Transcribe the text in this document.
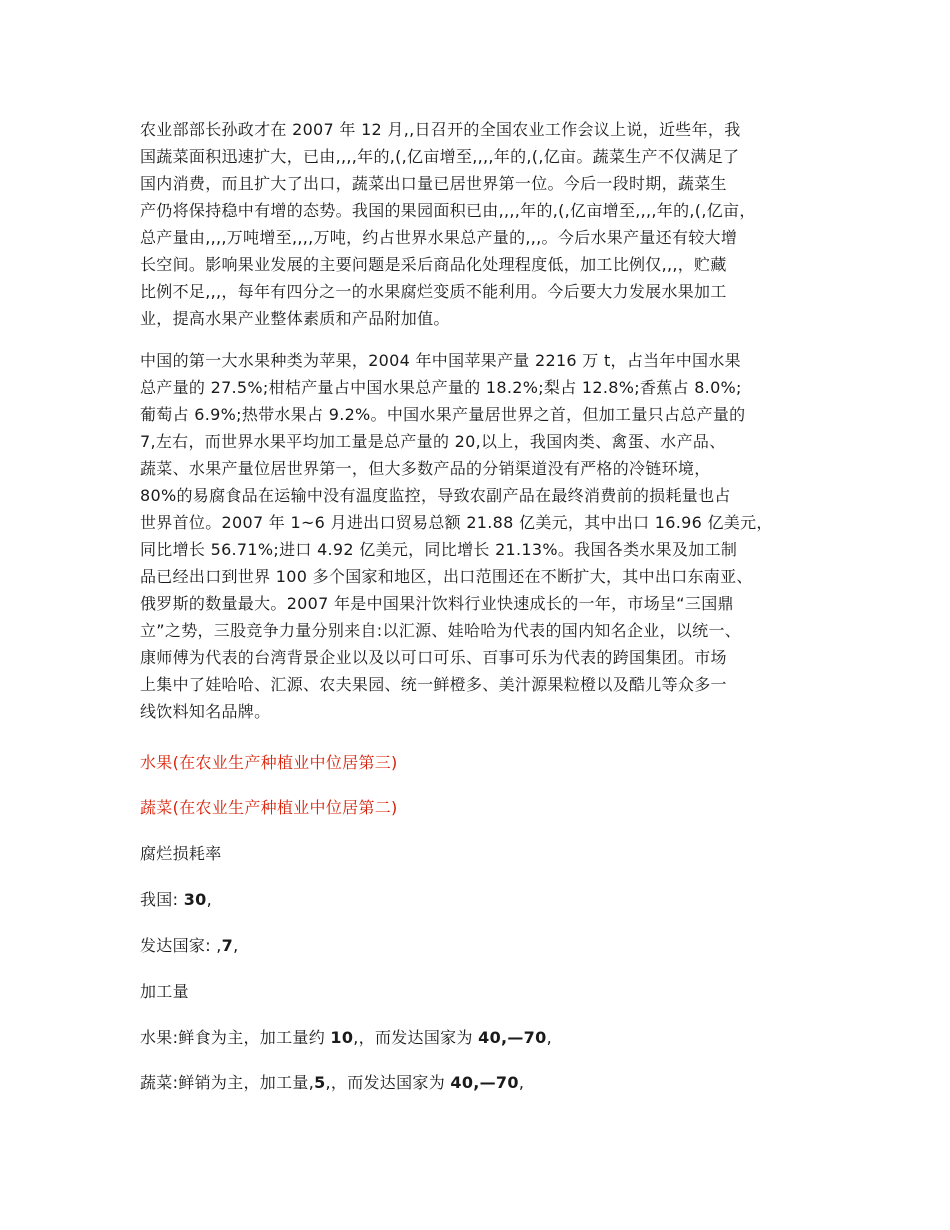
农业部部长孙政才在 2007 年 12 月,,日召开的全国农业工作会议上说，近些年，我
国蔬菜面积迅速扩大，已由,,,,年的,(,亿亩增至,,,,年的,(,亿亩。蔬菜生产不仅满足了
国内消费，而且扩大了出口，蔬菜出口量已居世界第一位。今后一段时期，蔬菜生
产仍将保持稳中有增的态势。我国的果园面积已由,,,,年的,(,亿亩增至,,,,年的,(,亿亩，
总产量由,,,,万吨增至,,,,万吨，约占世界水果总产量的,,,。今后水果产量还有较大增
长空间。影响果业发展的主要问题是采后商品化处理程度低，加工比例仅,,,，贮藏
比例不足,,,，每年有四分之一的水果腐烂变质不能利用。今后要大力发展水果加工
业，提高水果产业整体素质和产品附加值。
中国的第一大水果种类为苹果，2004 年中国苹果产量 2216 万 t，占当年中国水果
总产量的 27.5%;柑桔产量占中国水果总产量的 18.2%;梨占 12.8%;香蕉占 8.0%;
葡萄占 6.9%;热带水果占 9.2%。中国水果产量居世界之首，但加工量只占总产量的
7,左右，而世界水果平均加工量是总产量的 20,以上，我国肉类、禽蛋、水产品、
蔬菜、水果产量位居世界第一，但大多数产品的分销渠道没有严格的冷链环境，
80%的易腐食品在运输中没有温度监控，导致农副产品在最终消费前的损耗量也占
世界首位。2007 年 1~6 月进出口贸易总额 21.88 亿美元，其中出口 16.96 亿美元，
同比增长 56.71%;进口 4.92 亿美元，同比增长 21.13%。我国各类水果及加工制
品已经出口到世界 100 多个国家和地区，出口范围还在不断扩大，其中出口东南亚、
俄罗斯的数量最大。2007 年是中国果汁饮料行业快速成长的一年，市场呈“三国鼎
立”之势，三股竞争力量分别来自:以汇源、娃哈哈为代表的国内知名企业，以统一、
康师傅为代表的台湾背景企业以及以可口可乐、百事可乐为代表的跨国集团。市场
上集中了娃哈哈、汇源、农夫果园、统一鲜橙多、美汁源果粒橙以及酷儿等众多一
线饮料知名品牌。

水果(在农业生产种植业中位居第三)

蔬菜(在农业生产种植业中位居第二)

腐烂损耗率

我国: 30,

发达国家: ,7,

加工量

水果:鲜食为主，加工量约 10,，而发达国家为 40,—70,

蔬菜:鲜销为主，加工量,5,，而发达国家为 40,—70,
